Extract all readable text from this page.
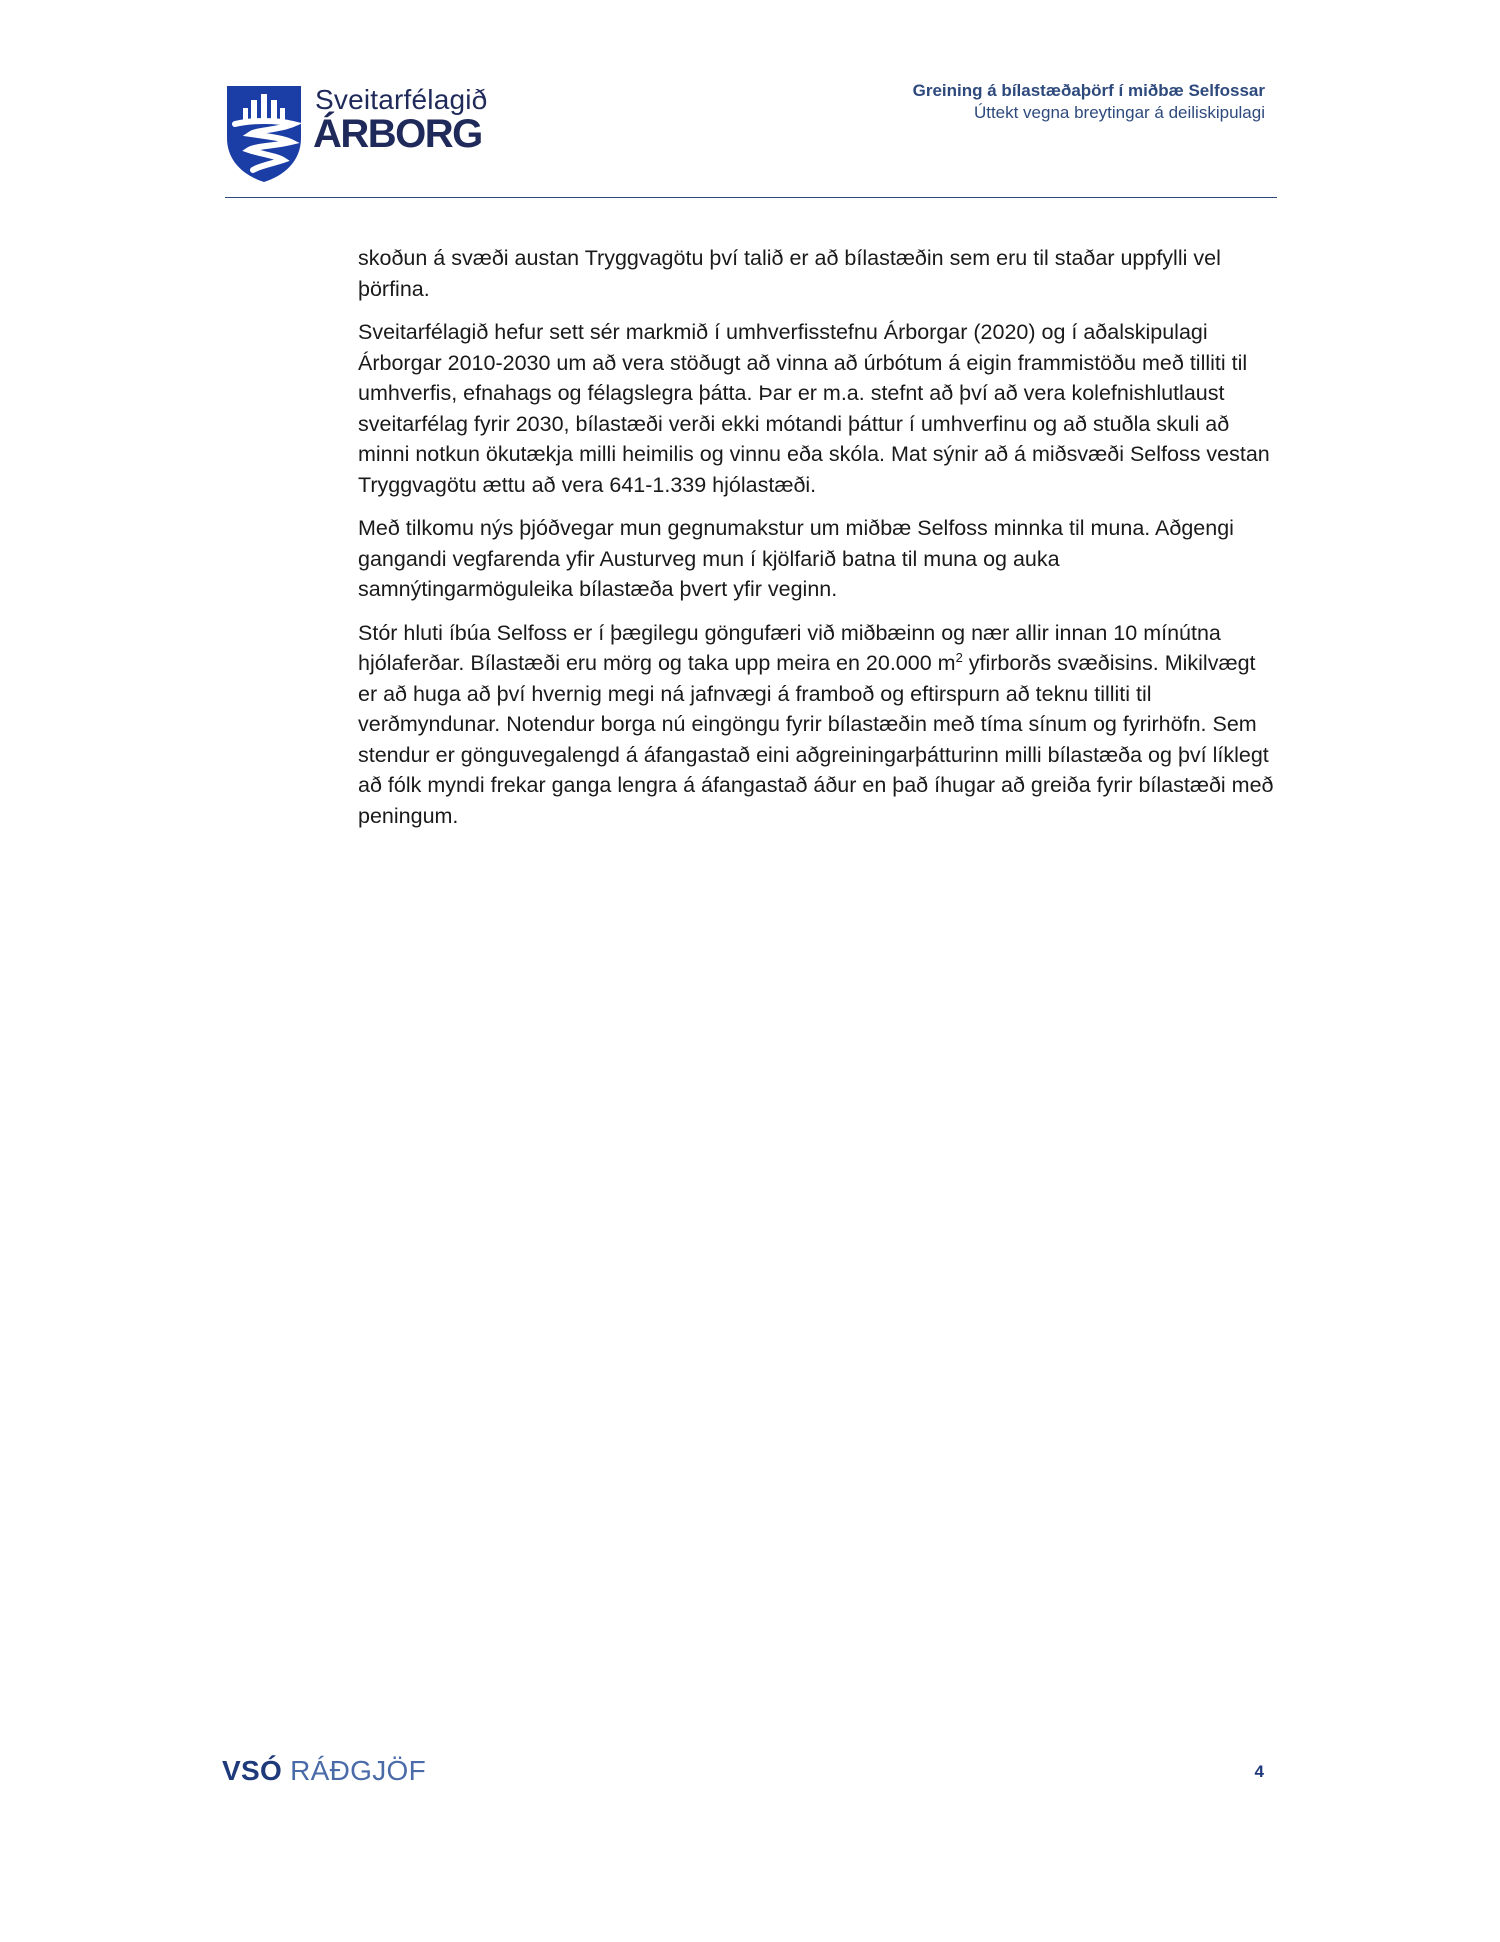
Sveitarfélagið
ÁRBORG
Greining á bílastæðaþörf í miðbæ Selfossar
Úttekt vegna breytingar á deiliskipulagi

skoðun á svæði austan Tryggvagötu því talið er að bílastæðin sem eru til staðar uppfylli vel þörfina.

Sveitarfélagið hefur sett sér markmið í umhverfisstefnu Árborgar (2020) og í aðalskipulagi Árborgar 2010-2030 um að vera stöðugt að vinna að úrbótum á eigin frammistöðu með tilliti til umhverfis, efnahags og félagslegra þátta. Þar er m.a. stefnt að því að vera kolefnishlutlaust sveitarfélag fyrir 2030, bílastæði verði ekki mótandi þáttur í umhverfinu og að stuðla skuli að minni notkun ökutækja milli heimilis og vinnu eða skóla. Mat sýnir að á miðsvæði Selfoss vestan Tryggvagötu ættu að vera 641-1.339 hjólastæði.

Með tilkomu nýs þjóðvegar mun gegnumakstur um miðbæ Selfoss minnka til muna. Aðgengi gangandi vegfarenda yfir Austurveg mun í kjölfarið batna til muna og auka samnýtingarmöguleika bílastæða þvert yfir veginn.

Stór hluti íbúa Selfoss er í þægilegu göngufæri við miðbæinn og nær allir innan 10 mínútna hjólaferðar. Bílastæði eru mörg og taka upp meira en 20.000 $m^2$ yfirborðs svæðisins. Mikilvægt er að huga að því hvernig megi ná jafnvægi á framboð og eftirspurn að teknu tilliti til verðmyndunar. Notendur borga nú eingöngu fyrir bílastæðin með tíma sínum og fyrirhöfn. Sem stendur er gönguvegalengd á áfangastað eini aðgreiningarþátturinn milli bílastæða og því líklegt að fólk myndi frekar ganga lengra á áfangastað áður en það íhugar að greiða fyrir bílastæði með peningum.

VSÓ RÁÐGJÖF	4
